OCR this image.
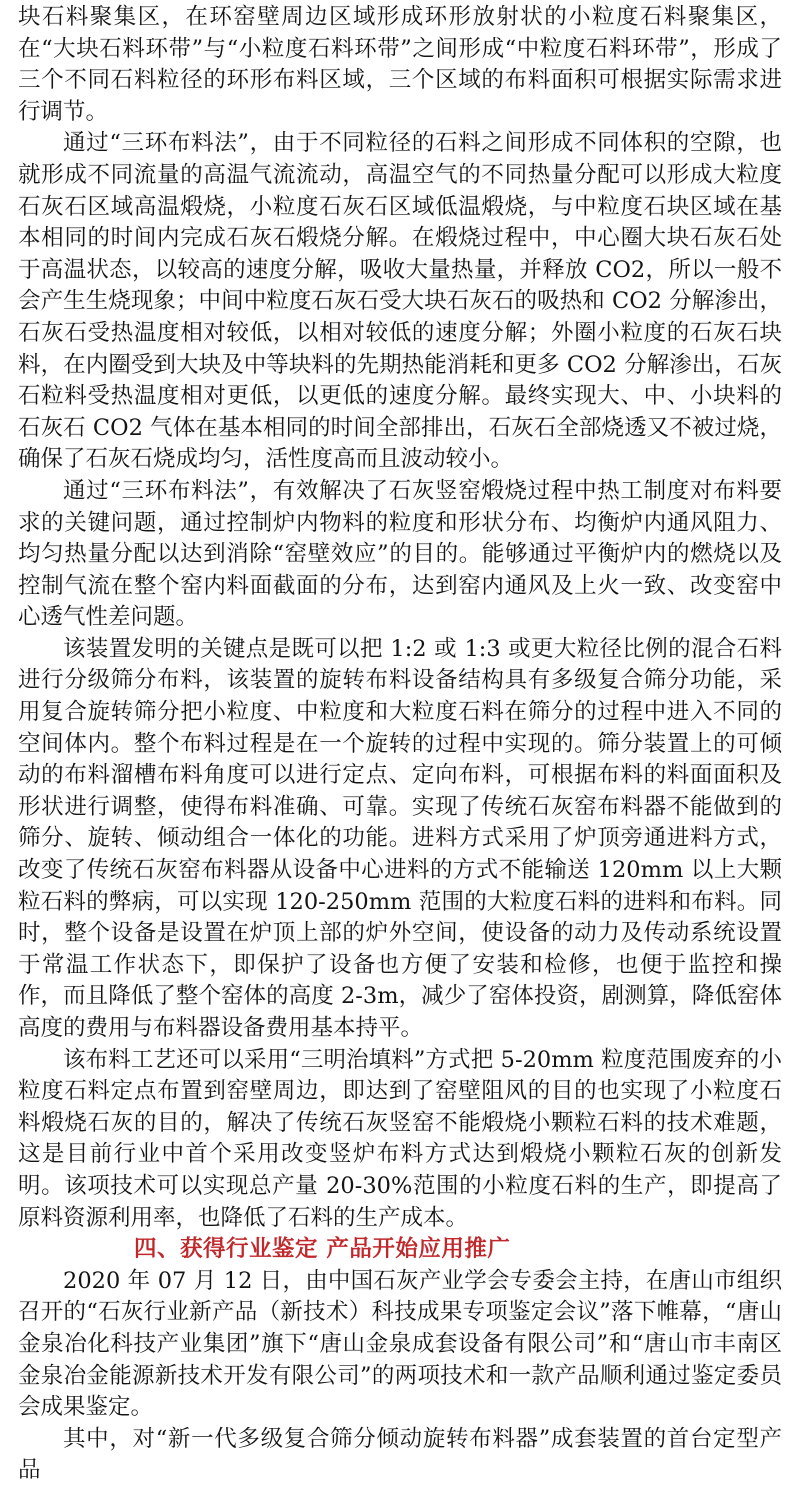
块石料聚集区，在环窑壁周边区域形成环形放射状的小粒度石料聚集区，在“大块石料环带”与“小粒度石料环带”之间形成“中粒度石料环带”，形成了三个不同石料粒径的环形布料区域，三个区域的布料面积可根据实际需求进行调节。

通过“三环布料法”，由于不同粒径的石料之间形成不同体积的空隙，也就形成不同流量的高温气流流动，高温空气的不同热量分配可以形成大粒度石灰石区域高温煅烧，小粒度石灰石区域低温煅烧，与中粒度石块区域在基本相同的时间内完成石灰石煅烧分解。在煅烧过程中，中心圈大块石灰石处于高温状态，以较高的速度分解，吸收大量热量，并释放 CO2，所以一般不会产生生烧现象；中间中粒度石灰石受大块石灰石的吸热和 CO2 分解渗出，石灰石受热温度相对较低，以相对较低的速度分解；外圈小粒度的石灰石块料，在内圈受到大块及中等块料的先期热能消耗和更多 CO2 分解渗出，石灰石粒料受热温度相对更低，以更低的速度分解。最终实现大、中、小块料的石灰石 CO2 气体在基本相同的时间全部排出，石灰石全部烧透又不被过烧，确保了石灰石烧成均匀，活性度高而且波动较小。

通过“三环布料法”，有效解决了石灰竖窑煅烧过程中热工制度对布料要求的关键问题，通过控制炉内物料的粒度和形状分布、均衡炉内通风阻力、均匀热量分配以达到消除“窑壁效应”的目的。能够通过平衡炉内的燃烧以及控制气流在整个窑内料面截面的分布，达到窑内通风及上火一致、改变窑中心透气性差问题。

该装置发明的关键点是既可以把 1:2 或 1:3 或更大粒径比例的混合石料进行分级筛分布料，该装置的旋转布料设备结构具有多级复合筛分功能，采用复合旋转筛分把小粒度、中粒度和大粒度石料在筛分的过程中进入不同的空间体内。整个布料过程是在一个旋转的过程中实现的。筛分装置上的可倾动的布料溜槽布料角度可以进行定点、定向布料，可根据布料的料面面积及形状进行调整，使得布料准确、可靠。实现了传统石灰窑布料器不能做到的筛分、旋转、倾动组合一体化的功能。进料方式采用了炉顶旁通进料方式，改变了传统石灰窑布料器从设备中心进料的方式不能输送 120mm 以上大颗粒石料的弊病，可以实现 120-250mm 范围的大粒度石料的进料和布料。同时，整个设备是设置在炉顶上部的炉外空间，使设备的动力及传动系统设置于常温工作状态下，即保护了设备也方便了安装和检修，也便于监控和操作，而且降低了整个窑体的高度 2-3m，减少了窑体投资，剧测算，降低窑体高度的费用与布料器设备费用基本持平。

该布料工艺还可以采用“三明治填料”方式把 5-20mm 粒度范围废弃的小粒度石料定点布置到窑壁周边，即达到了窑壁阻风的目的也实现了小粒度石料煅烧石灰的目的，解决了传统石灰竖窑不能煅烧小颗粒石料的技术难题，这是目前行业中首个采用改变竖炉布料方式达到煅烧小颗粒石灰的创新发明。该项技术可以实现总产量 20-30%范围的小粒度石料的生产，即提高了原料资源利用率，也降低了石料的生产成本。

四、获得行业鉴定 产品开始应用推广

2020 年 07 月 12 日，由中国石灰产业学会专委会主持，在唐山市组织召开的“石灰行业新产品（新技术）科技成果专项鉴定会议”落下帷幕，“唐山金泉冶化科技产业集团”旗下“唐山金泉成套设备有限公司”和“唐山市丰南区金泉冶金能源新技术开发有限公司”的两项技术和一款产品顺利通过鉴定委员会成果鉴定。

其中，对“新一代多级复合筛分倾动旋转布料器”成套装置的首台定型产品
